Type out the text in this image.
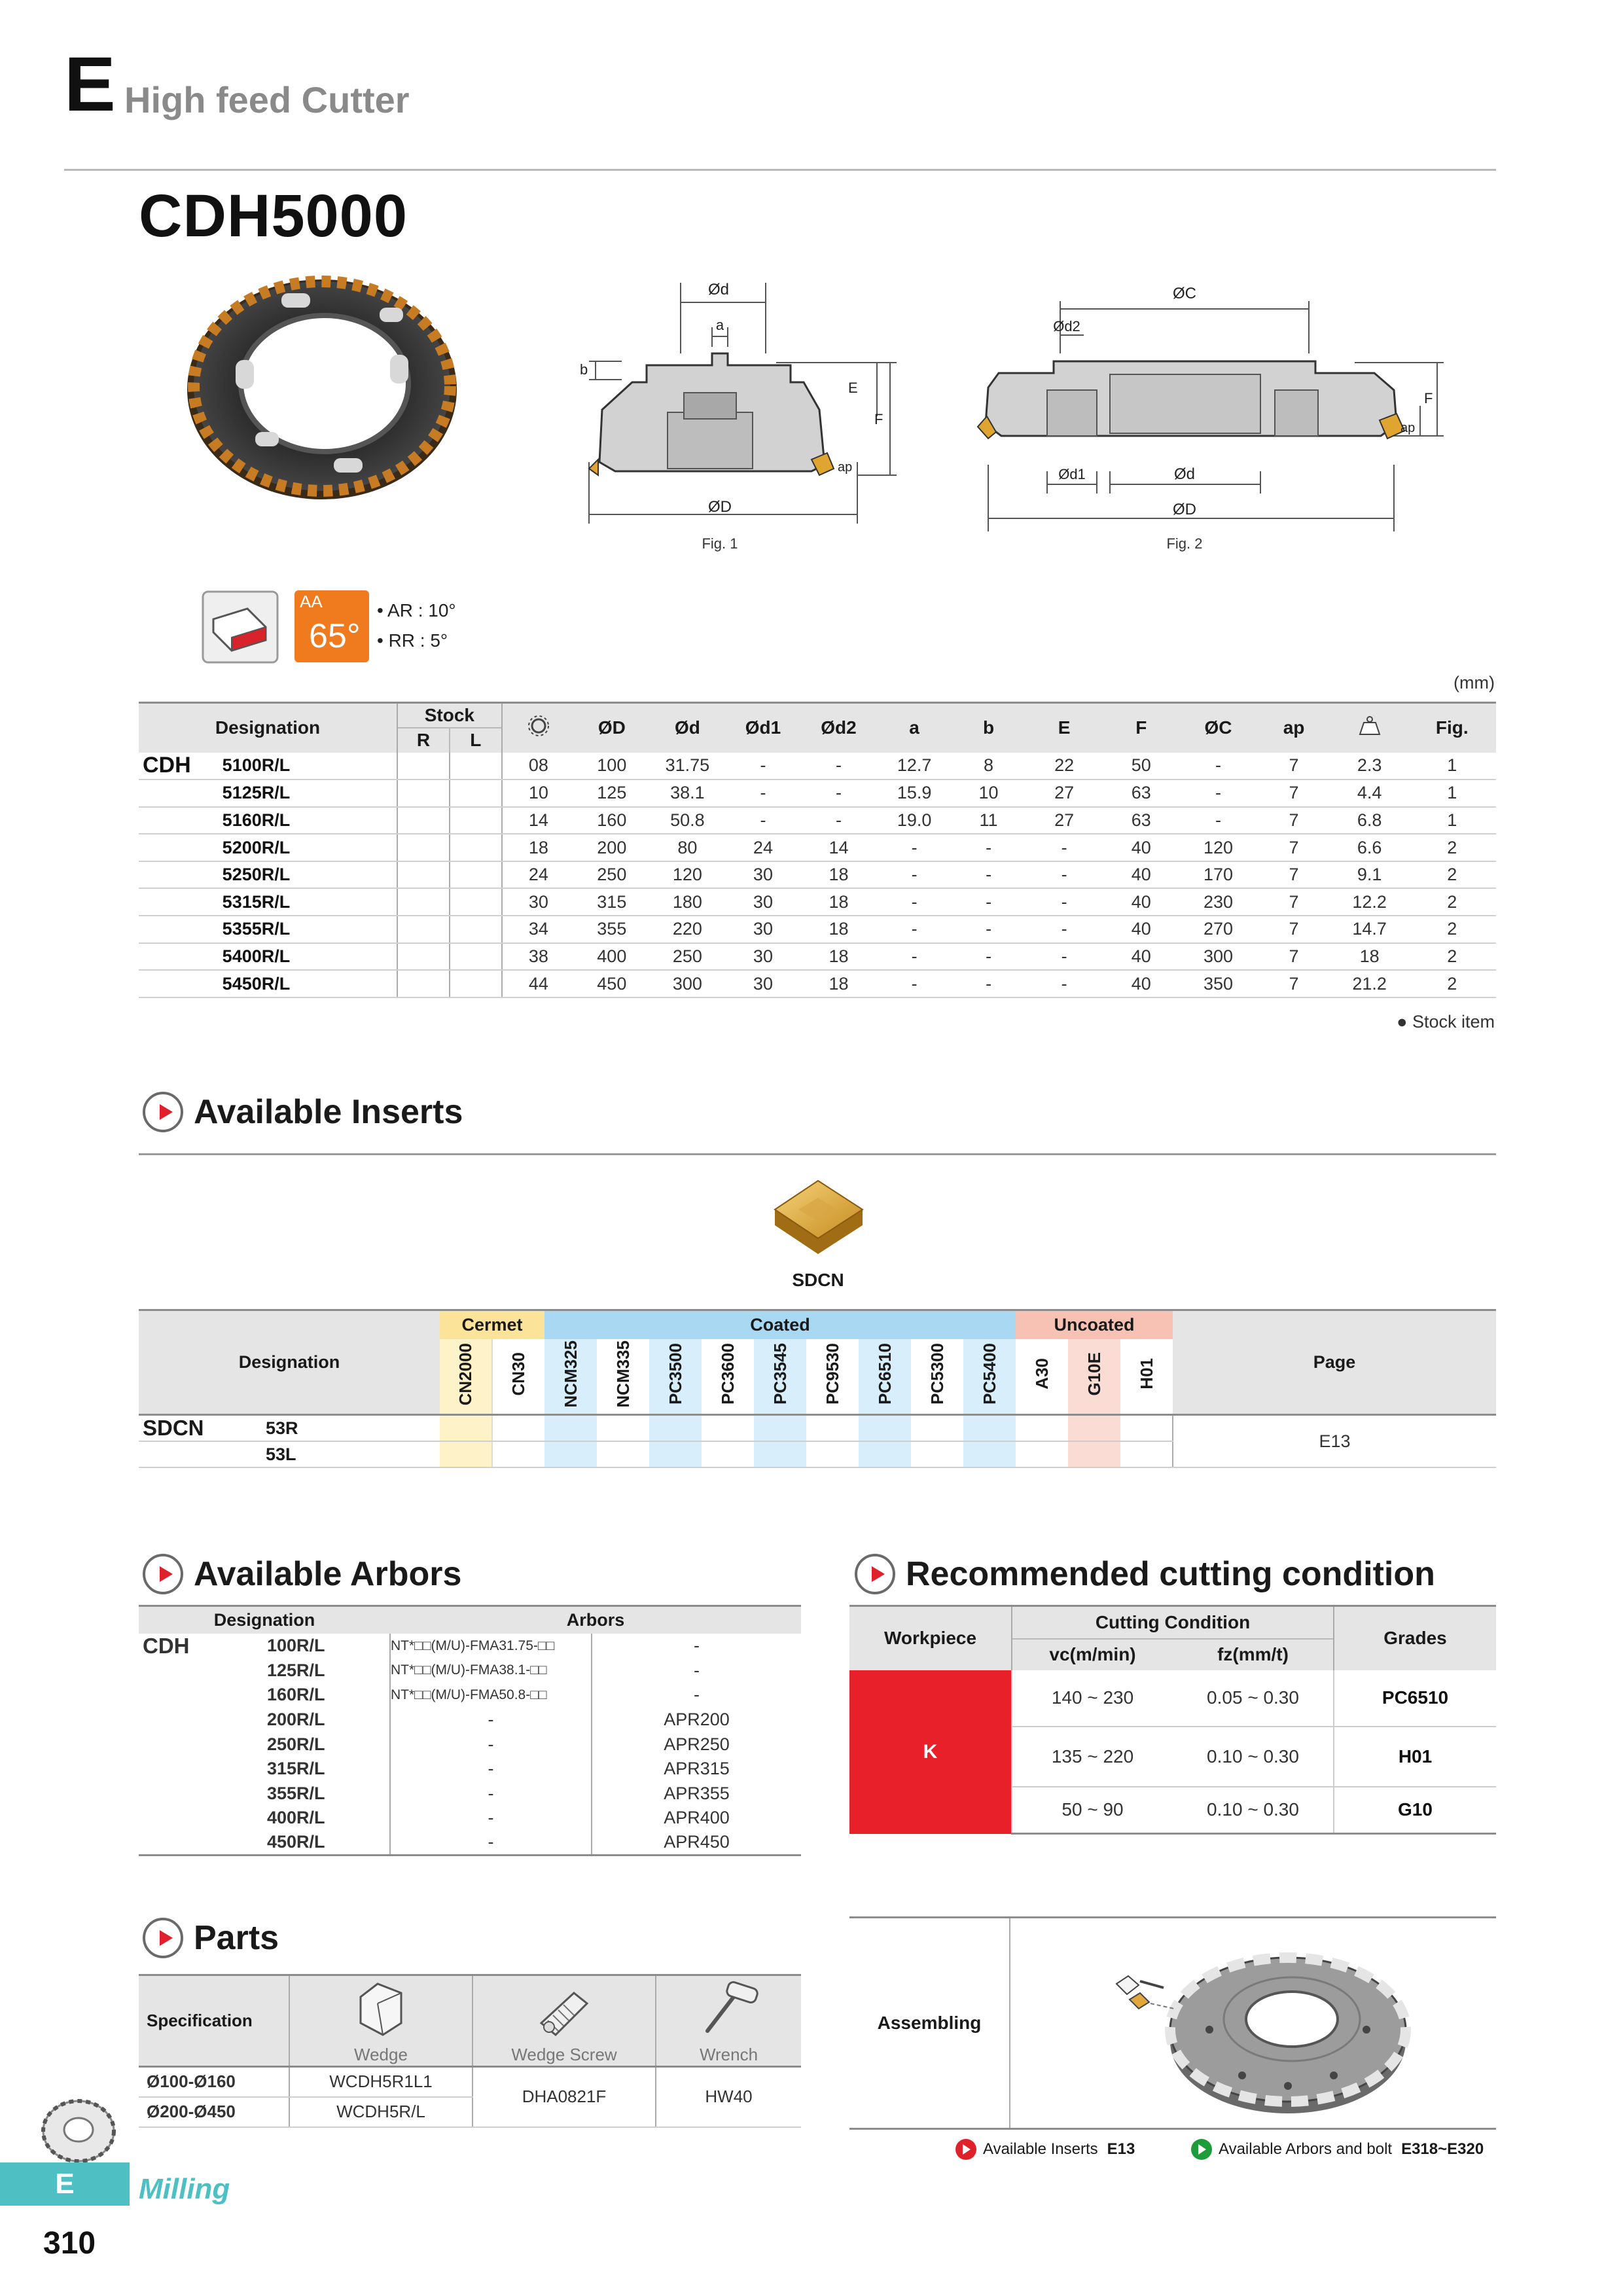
E High feed Cutter
CDH5000
Ød
a
b
E
F
ap
ØD
Fig. 1
ØC
Ød2
F
ap
Ød1	Ød
ØD
Fig. 2
AA
65°
• AR : 10°
• RR : 5°
(mm)
Designation		Stock			ØD	Ød	Ød1	Ød2	a	b	E	F	ØC	ap		Fig.
		R	L													
CDH	5100R/L			08	100	31.75	-	-	12.7	8	22	50	-	7	2.3	1
	5125R/L			10	125	38.1	-	-	15.9	10	27	63	-	7	4.4	1
	5160R/L			14	160	50.8	-	-	19.0	11	27	63	-	7	6.8	1
	5200R/L			18	200	80	24	14	-	-	-	40	120	7	6.6	2
	5250R/L			24	250	120	30	18	-	-	-	40	170	7	9.1	2
	5315R/L			30	315	180	30	18	-	-	-	40	230	7	12.2	2
	5355R/L			34	355	220	30	18	-	-	-	40	270	7	14.7	2
	5400R/L			38	400	250	30	18	-	-	-	40	300	7	18	2
	5450R/L			44	450	300	30	18	-	-	-	40	350	7	21.2	2
● Stock item
Available Inserts
SDCN
Designation		Cermet		Coated									Uncoated			Page
		CN2000	CN30	NCM325	NCM335	PC3500	PC3600	PC3545	PC9530	PC6510	PC5300	PC5400	A30	G10E	H01	
SDCN	53R															E13
	53L															
Available Arbors
Designation		Arbors	
CDH	100R/L	NT*□□(M/U)-FMA31.75-□□	-
	125R/L	NT*□□(M/U)-FMA38.1-□□	-
	160R/L	NT*□□(M/U)-FMA50.8-□□	-
	200R/L	-	APR200
	250R/L	-	APR250
	315R/L	-	APR315
	355R/L	-	APR355
	400R/L	-	APR400
	450R/L	-	APR450
Recommended cutting condition
Workpiece	Cutting Condition		Grades
	vc(m/min)	fz(mm/t)	
K	140 ~ 230	0.05 ~ 0.30	PC6510
	135 ~ 220	0.10 ~ 0.30	H01
	50 ~ 90	0.10 ~ 0.30	G10
Parts
Specification	Wedge	Wedge Screw	Wrench
Ø100-Ø160	WCDH5R1L1	DHA0821F	HW40
Ø200-Ø450	WCDH5R/L		
Assembling
Available Inserts E13	Available Arbors and bolt E318~E320
E	Milling
310
